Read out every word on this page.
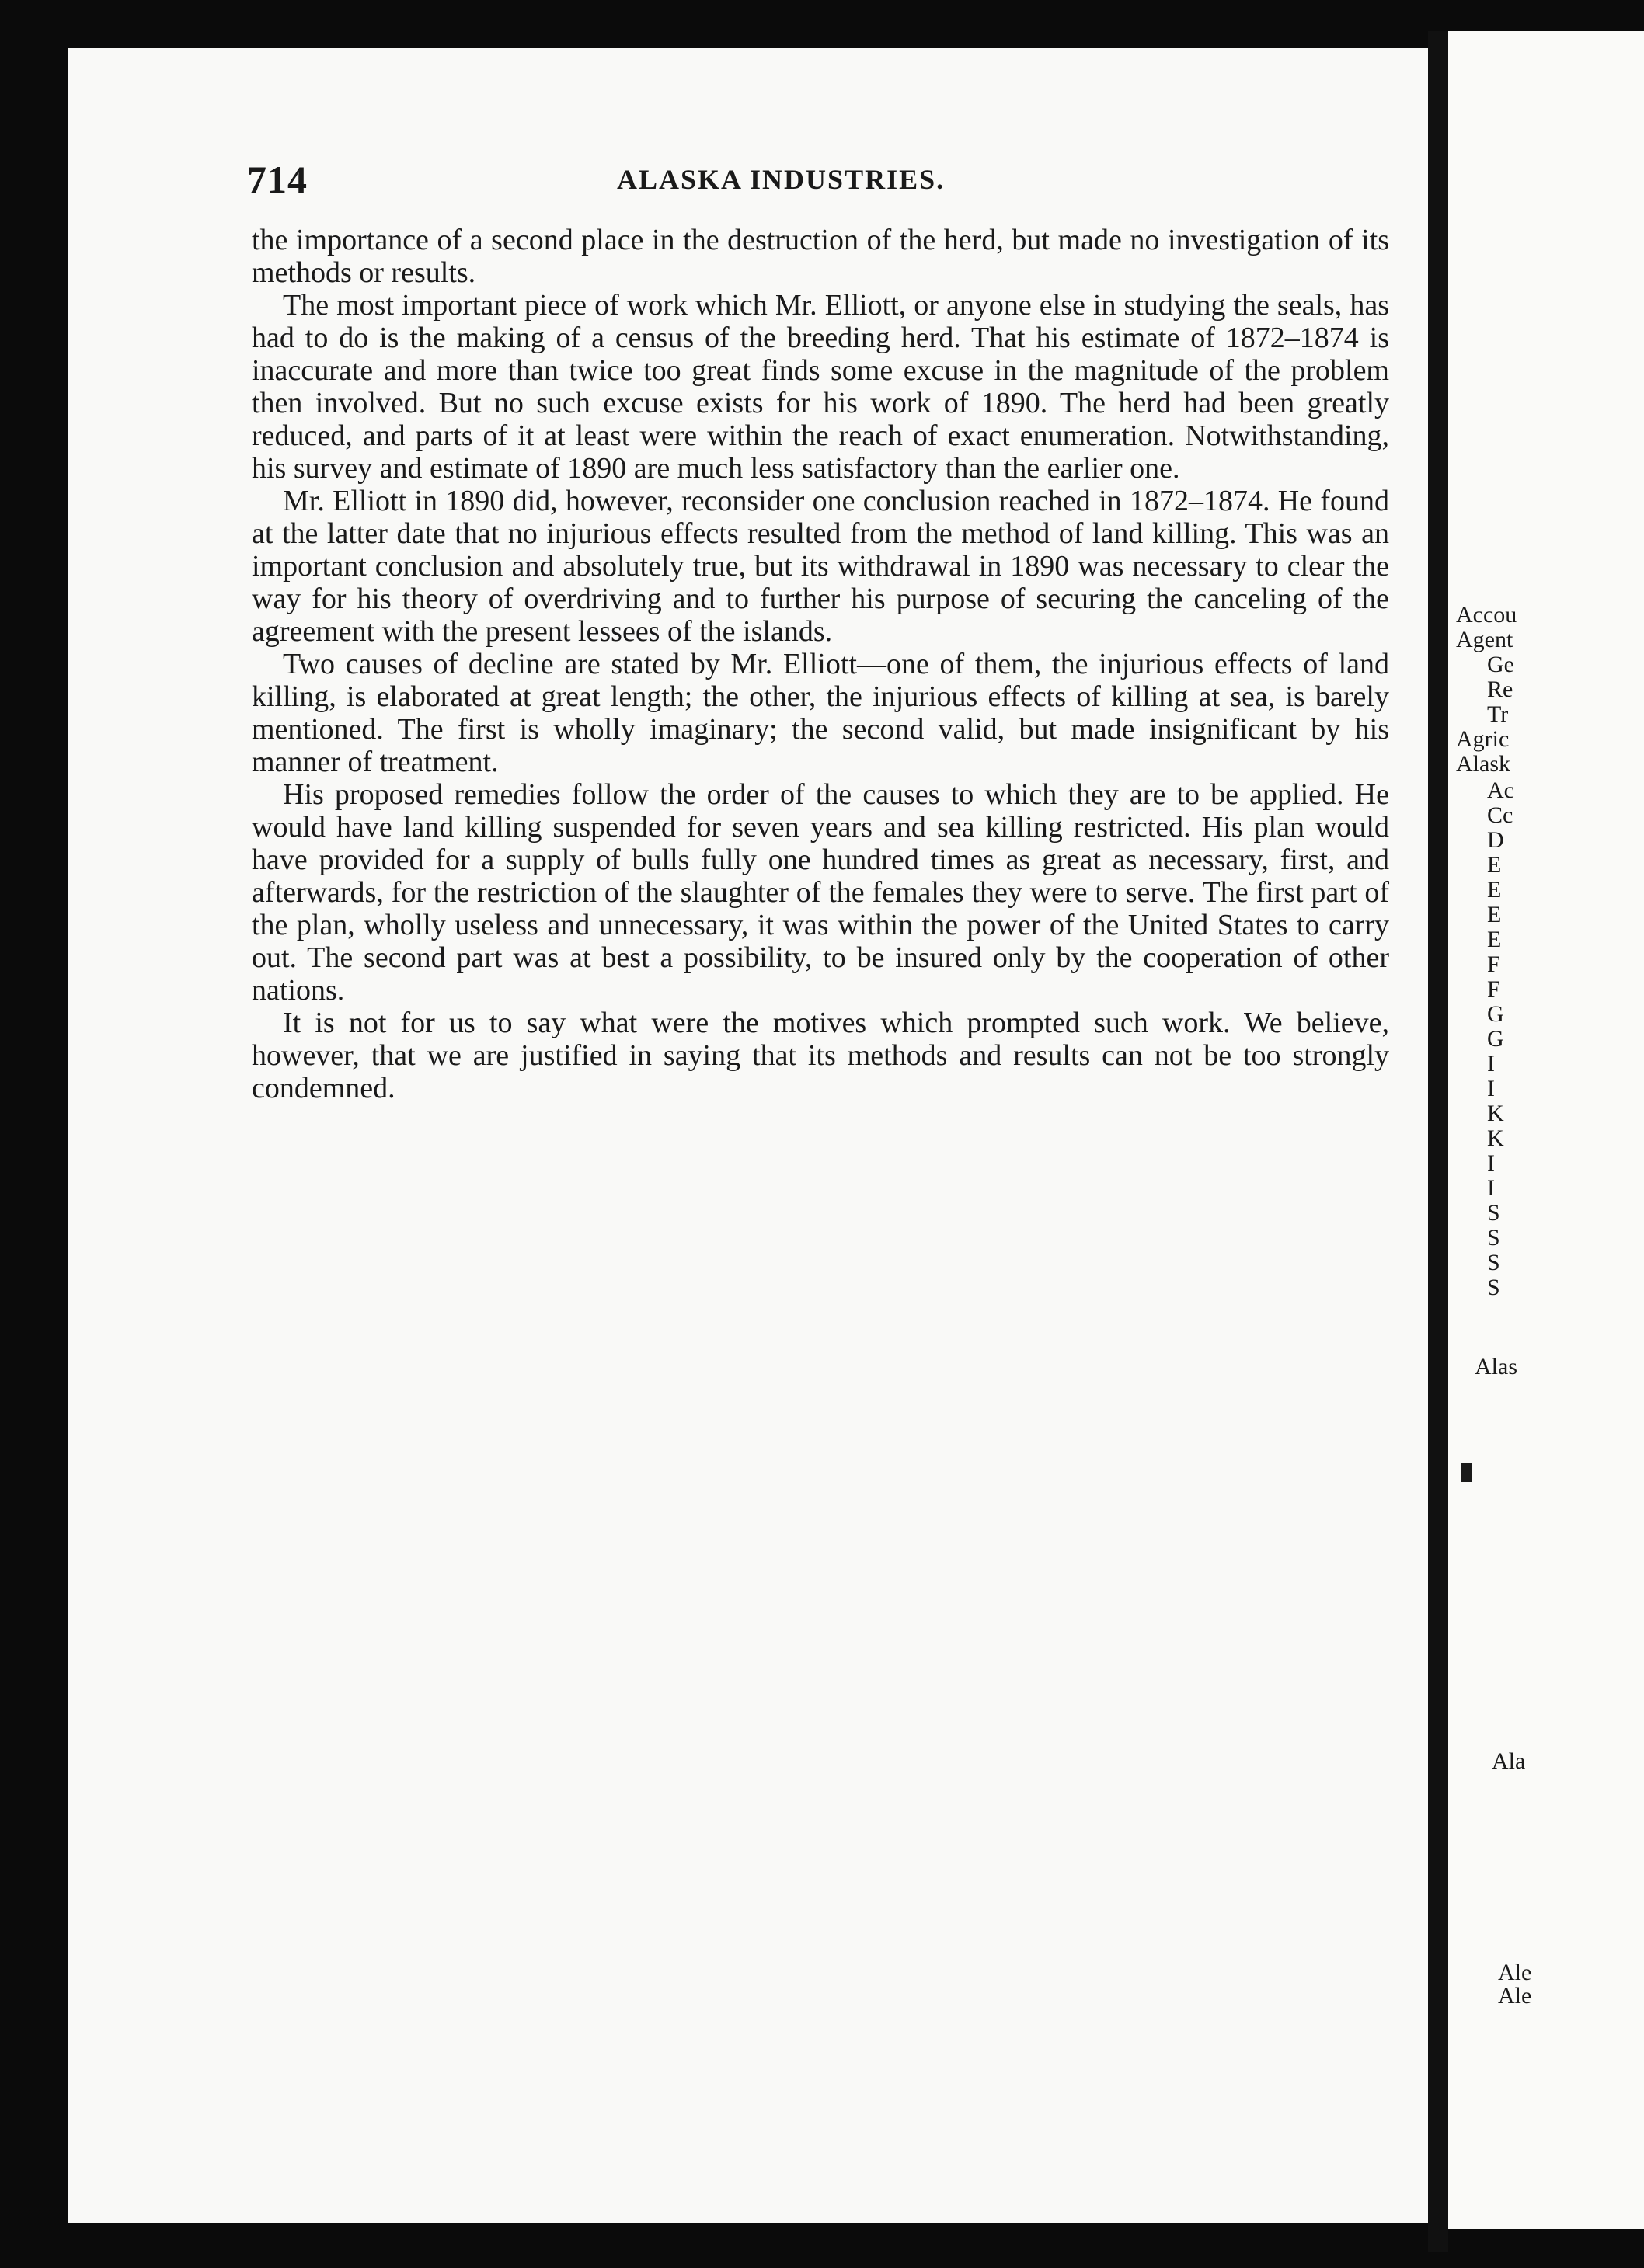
714	ALASKA INDUSTRIES.

the importance of a second place in the destruction of the herd, but made no investigation of its methods or results.

The most important piece of work which Mr. Elliott, or anyone else in studying the seals, has had to do is the making of a census of the breeding herd. That his estimate of 1872–1874 is inaccurate and more than twice too great finds some excuse in the magnitude of the problem then involved. But no such excuse exists for his work of 1890. The herd had been greatly reduced, and parts of it at least were within the reach of exact enumeration. Notwithstanding, his survey and estimate of 1890 are much less satisfactory than the earlier one.

Mr. Elliott in 1890 did, however, reconsider one conclusion reached in 1872–1874. He found at the latter date that no injurious effects resulted from the method of land killing. This was an important conclusion and absolutely true, but its withdrawal in 1890 was necessary to clear the way for his theory of overdriving and to further his purpose of securing the canceling of the agreement with the present lessees of the islands.

Two causes of decline are stated by Mr. Elliott—one of them, the injurious effects of land killing, is elaborated at great length; the other, the injurious effects of killing at sea, is barely mentioned. The first is wholly imaginary; the second valid, but made insignificant by his manner of treatment.

His proposed remedies follow the order of the causes to which they are to be applied. He would have land killing suspended for seven years and sea killing restricted. His plan would have provided for a supply of bulls fully one hundred times as great as necessary, first, and afterwards, for the restriction of the slaughter of the females they were to serve. The first part of the plan, wholly useless and unnecessary, it was within the power of the United States to carry out. The second part was at best a possibility, to be insured only by the cooperation of other nations.

It is not for us to say what were the motives which prompted such work. We believe, however, that we are justified in saying that its methods and results can not be too strongly condemned.

Accou
Agent
Ge
Re
Tr
Agric
Alask
Ac
Cc
D
E
E
E
E
F
F
G
G
I
I
K
K
I
I
S
S
S
S
Alas
Ala
Ale
Ale
